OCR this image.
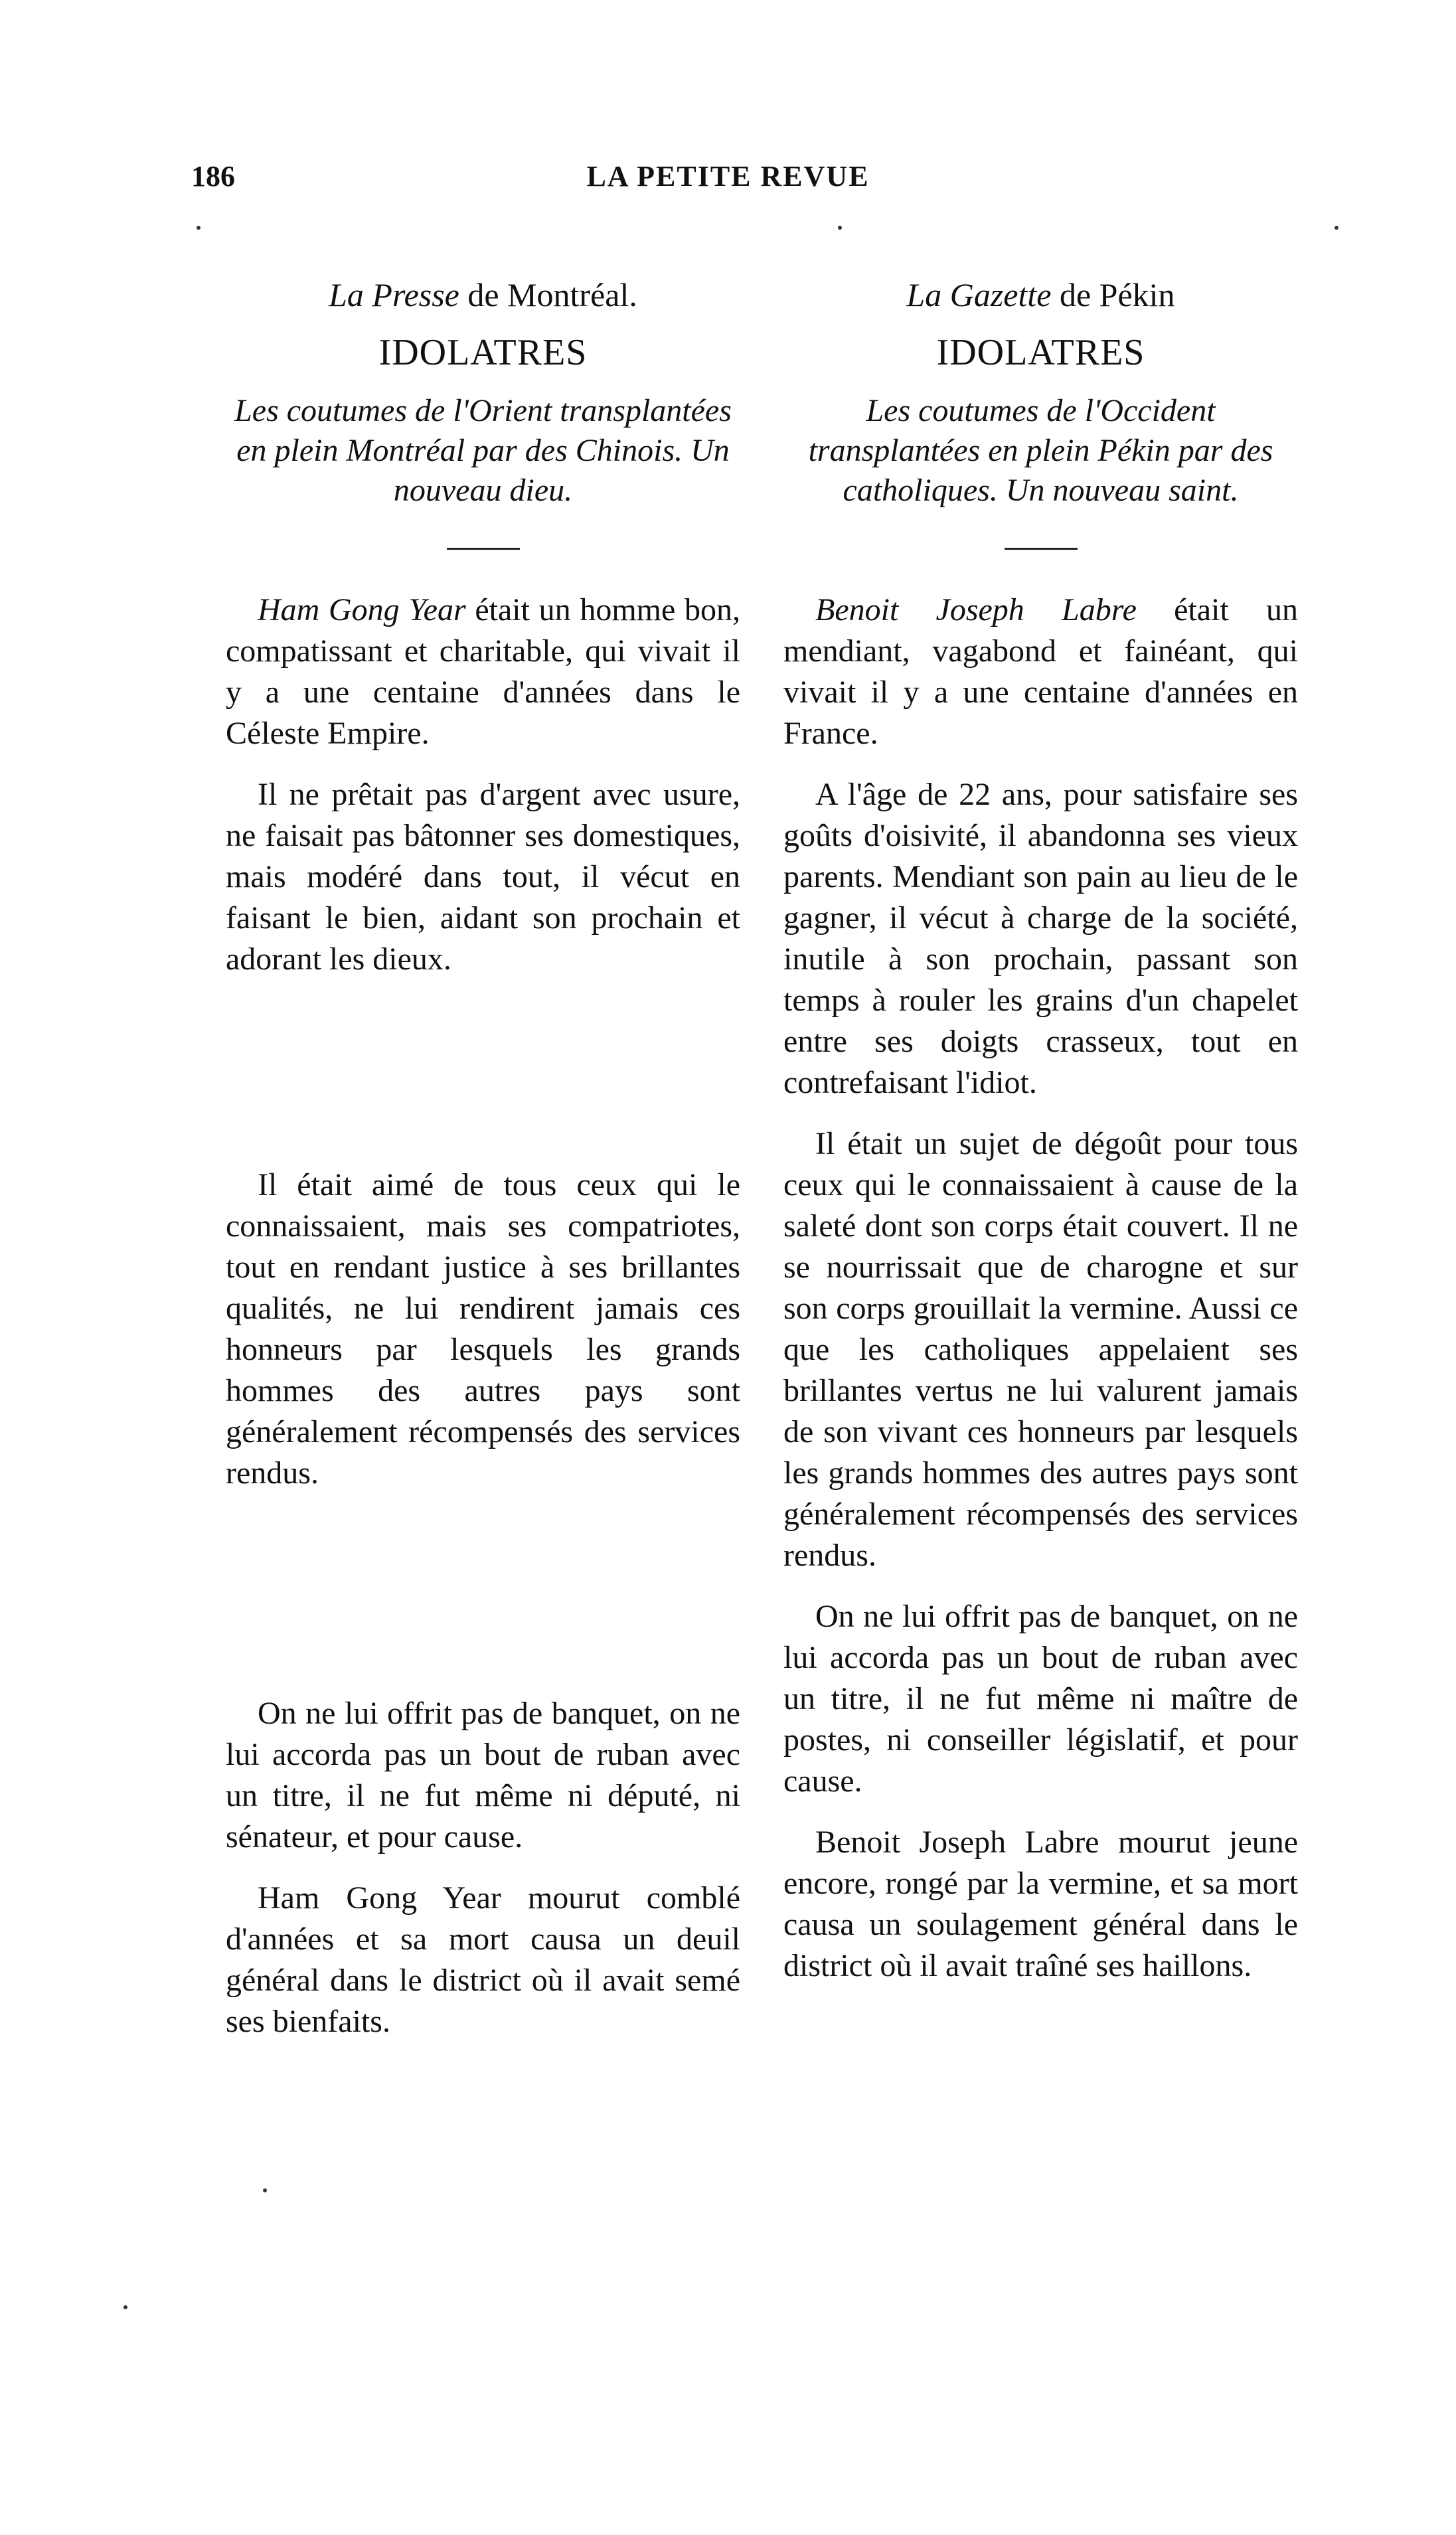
186	LA PETITE REVUE
La Presse de Montréal.
IDOLATRES

Les coutumes de l'Orient transplantées en plein Montréal par des Chinois. Un nouveau dieu.

Ham Gong Year était un homme bon, compatissant et charitable, qui vivait il y a une centaine d'années dans le Céleste Empire.

Il ne prêtait pas d'argent avec usure, ne faisait pas bâtonner ses domestiques, mais modéré dans tout, il vécut en faisant le bien, aidant son prochain et adorant les dieux.

Il était aimé de tous ceux qui le connaissaient, mais ses compatriotes, tout en rendant justice à ses brillantes qualités, ne lui rendirent jamais ces honneurs par lesquels les grands hommes des autres pays sont généralement récompensés des services rendus.

On ne lui offrit pas de banquet, on ne lui accorda pas un bout de ruban avec un titre, il ne fut même ni député, ni sénateur, et pour cause.

Ham Gong Year mourut comblé d'années et sa mort causa un deuil général dans le district où il avait semé ses bienfaits.

La Gazette de Pékin
IDOLATRES

Les coutumes de l'Occident transplantées en plein Pékin par des catholiques. Un nouveau saint.

Benoit Joseph Labre était un mendiant, vagabond et fainéant, qui vivait il y a une centaine d'années en France.

A l'âge de 22 ans, pour satisfaire ses goûts d'oisivité, il abandonna ses vieux parents. Mendiant son pain au lieu de le gagner, il vécut à charge de la société, inutile à son prochain, passant son temps à rouler les grains d'un chapelet entre ses doigts crasseux, tout en contrefaisant l'idiot.

Il était un sujet de dégoût pour tous ceux qui le connaissaient à cause de la saleté dont son corps était couvert. Il ne se nourrissait que de charogne et sur son corps grouillait la vermine. Aussi ce que les catholiques appelaient ses brillantes vertus ne lui valurent jamais de son vivant ces honneurs par lesquels les grands hommes des autres pays sont généralement récompensés des services rendus.

On ne lui offrit pas de banquet, on ne lui accorda pas un bout de ruban avec un titre, il ne fut même ni maître de postes, ni conseiller législatif, et pour cause.

Benoit Joseph Labre mourut jeune encore, rongé par la vermine, et sa mort causa un soulagement général dans le district où il avait traîné ses haillons.
